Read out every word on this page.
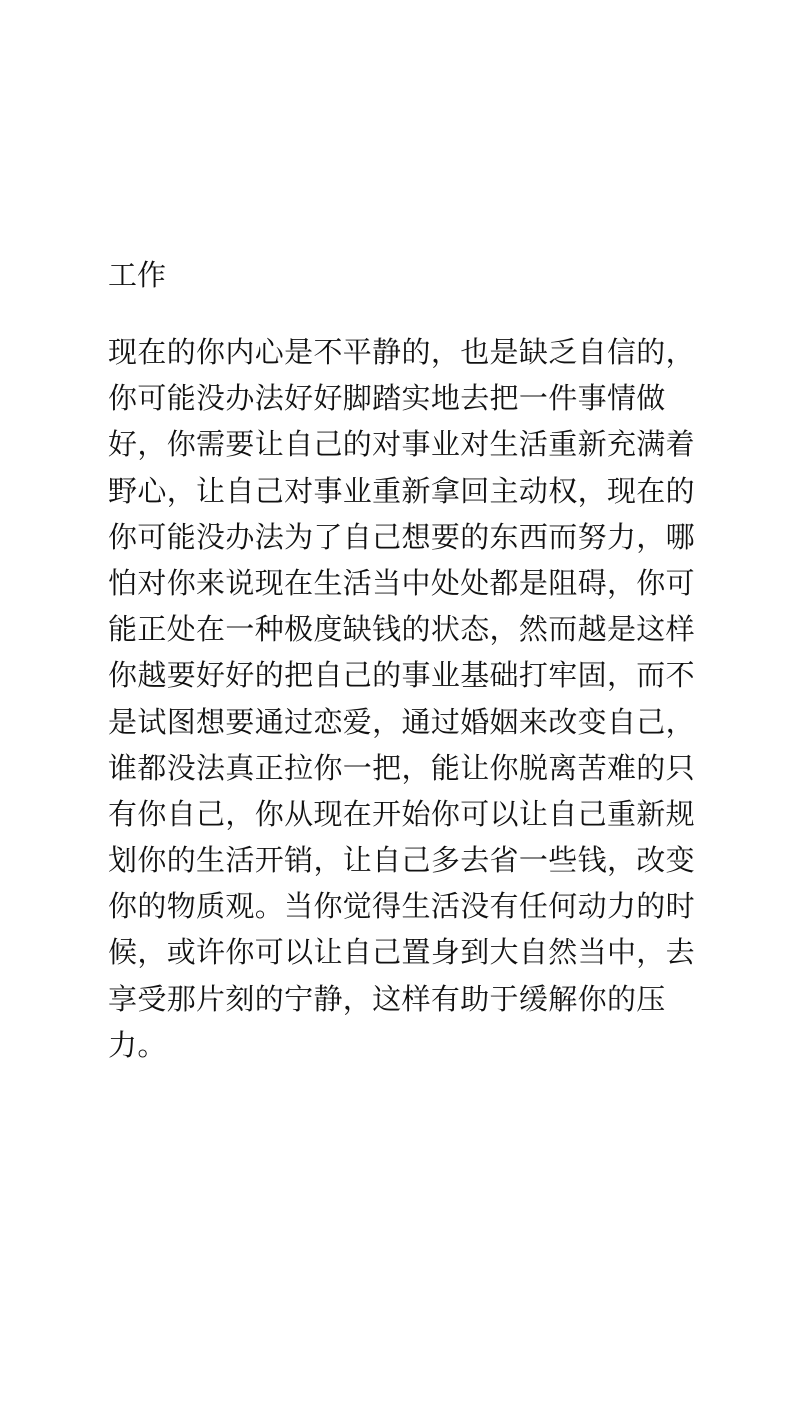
工作
现在的你内心是不平静的，也是缺乏自信的，
你可能没办法好好脚踏实地去把一件事情做
好，你需要让自己的对事业对生活重新充满着
野心，让自己对事业重新拿回主动权，现在的
你可能没办法为了自己想要的东西而努力，哪
怕对你来说现在生活当中处处都是阻碍，你可
能正处在一种极度缺钱的状态，然而越是这样
你越要好好的把自己的事业基础打牢固，而不
是试图想要通过恋爱，通过婚姻来改变自己，
谁都没法真正拉你一把，能让你脱离苦难的只
有你自己，你从现在开始你可以让自己重新规
划你的生活开销，让自己多去省一些钱，改变
你的物质观。当你觉得生活没有任何动力的时
候，或许你可以让自己置身到大自然当中，去
享受那片刻的宁静，这样有助于缓解你的压
力。
